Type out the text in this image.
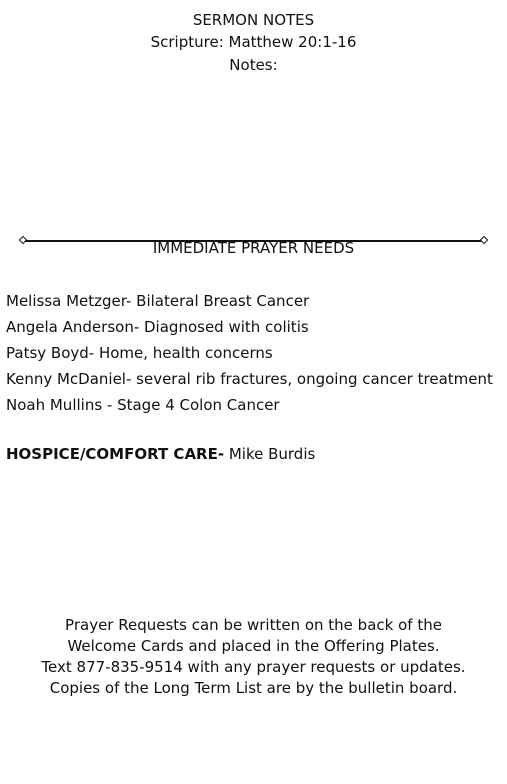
SERMON NOTES
Scripture: Matthew 20:1-16
Notes:
IMMEDIATE PRAYER NEEDS
Melissa Metzger- Bilateral Breast Cancer
Angela Anderson- Diagnosed with colitis
Patsy Boyd- Home, health concerns
Kenny McDaniel- several rib fractures, ongoing cancer treatment
Noah Mullins - Stage 4 Colon Cancer
HOSPICE/COMFORT CARE- Mike Burdis
Prayer Requests can be written on the back of the
Welcome Cards and placed in the Offering Plates.
Text 877-835-9514 with any prayer requests or updates.
Copies of the Long Term List are by the bulletin board.
